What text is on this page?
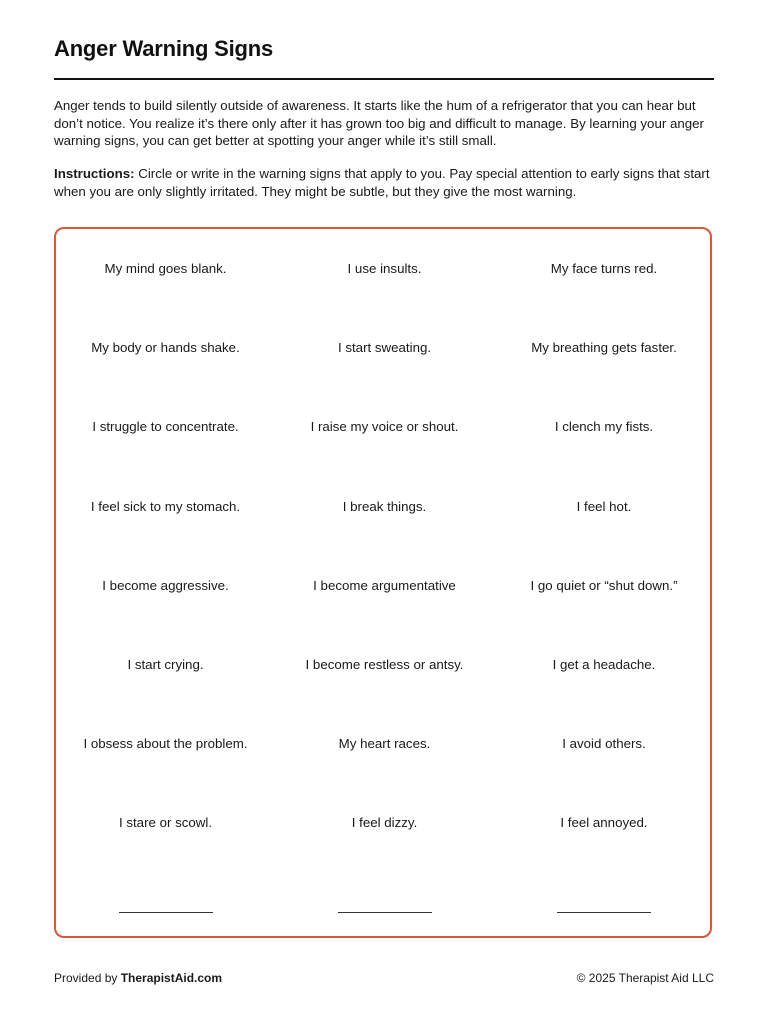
Anger Warning Signs

Anger tends to build silently outside of awareness. It starts like the hum of a refrigerator that you can hear but don’t notice. You realize it’s there only after it has grown too big and difficult to manage. By learning your anger warning signs, you can get better at spotting your anger while it’s still small.

Instructions: Circle or write in the warning signs that apply to you. Pay special attention to early signs that start when you are only slightly irritated. They might be subtle, but they give the most warning.

My mind goes blank.	I use insults.	My face turns red.
My body or hands shake.	I start sweating.	My breathing gets faster.
I struggle to concentrate.	I raise my voice or shout.	I clench my fists.
I feel sick to my stomach.	I break things.	I feel hot.
I become aggressive.	I become argumentative	I go quiet or “shut down.”
I start crying.	I become restless or antsy.	I get a headache.
I obsess about the problem.	My heart races.	I avoid others.
I stare or scowl.	I feel dizzy.	I feel annoyed.
Provided by TherapistAid.com	© 2025 Therapist Aid LLC
